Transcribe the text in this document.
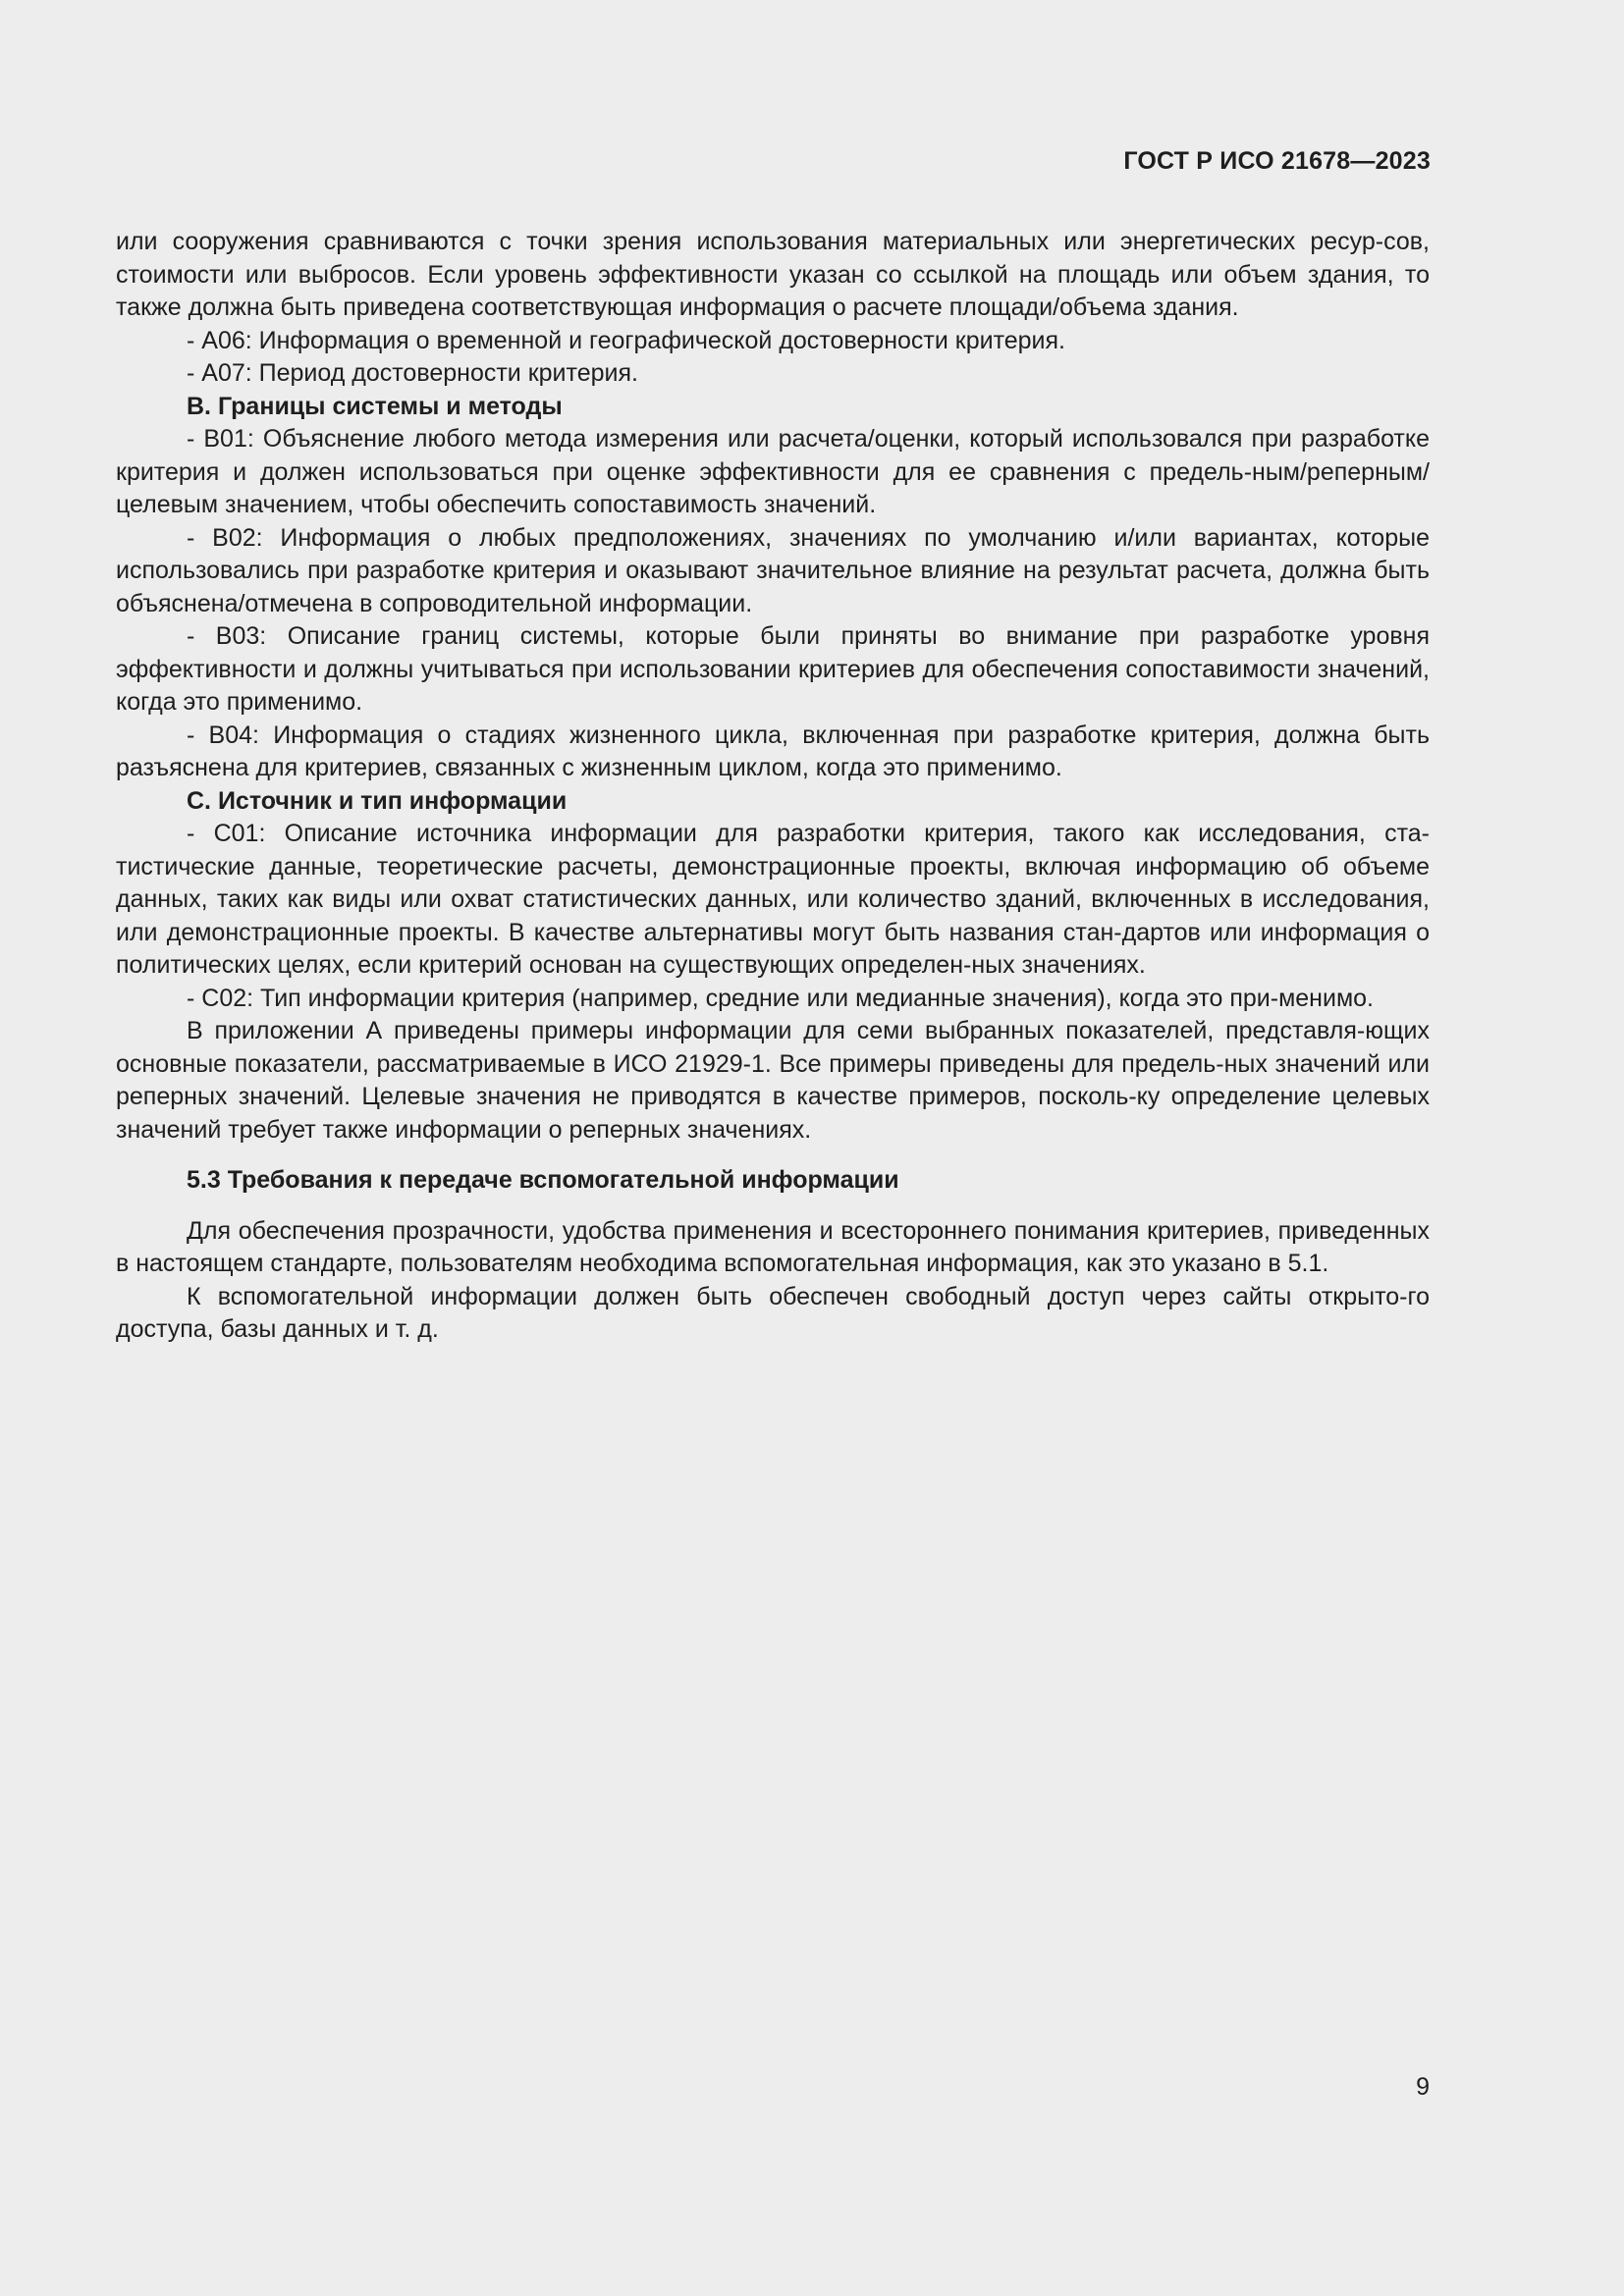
ГОСТ Р ИСО 21678—2023

или сооружения сравниваются с точки зрения использования материальных или энергетических ресур-сов, стоимости или выбросов. Если уровень эффективности указан со ссылкой на площадь или объем здания, то также должна быть приведена соответствующая информация о расчете площади/объема здания.

- А06: Информация о временной и географической достоверности критерия.

- А07: Период достоверности критерия.

В. Границы системы и методы

- В01: Объяснение любого метода измерения или расчета/оценки, который использовался при разработке критерия и должен использоваться при оценке эффективности для ее сравнения с предель-ным/реперным/целевым значением, чтобы обеспечить сопоставимость значений.

- В02: Информация о любых предположениях, значениях по умолчанию и/или вариантах, которые использовались при разработке критерия и оказывают значительное влияние на результат расчета, должна быть объяснена/отмечена в сопроводительной информации.

- В03: Описание границ системы, которые были приняты во внимание при разработке уровня эффективности и должны учитываться при использовании критериев для обеспечения сопоставимости значений, когда это применимо.

- В04: Информация о стадиях жизненного цикла, включенная при разработке критерия, должна быть разъяснена для критериев, связанных с жизненным циклом, когда это применимо.

С. Источник и тип информации

- С01: Описание источника информации для разработки критерия, такого как исследования, ста-тистические данные, теоретические расчеты, демонстрационные проекты, включая информацию об объеме данных, таких как виды или охват статистических данных, или количество зданий, включенных в исследования, или демонстрационные проекты. В качестве альтернативы могут быть названия стан-дартов или информация о политических целях, если критерий основан на существующих определен-ных значениях.

- С02: Тип информации критерия (например, средние или медианные значения), когда это при-менимо.

В приложении А приведены примеры информации для семи выбранных показателей, представля-ющих основные показатели, рассматриваемые в ИСО 21929-1. Все примеры приведены для предель-ных значений или реперных значений. Целевые значения не приводятся в качестве примеров, посколь-ку определение целевых значений требует также информации о реперных значениях.

5.3 Требования к передаче вспомогательной информации

Для обеспечения прозрачности, удобства применения и всестороннего понимания критериев, приведенных в настоящем стандарте, пользователям необходима вспомогательная информация, как это указано в 5.1.

К вспомогательной информации должен быть обеспечен свободный доступ через сайты открыто-го доступа, базы данных и т. д.

9
